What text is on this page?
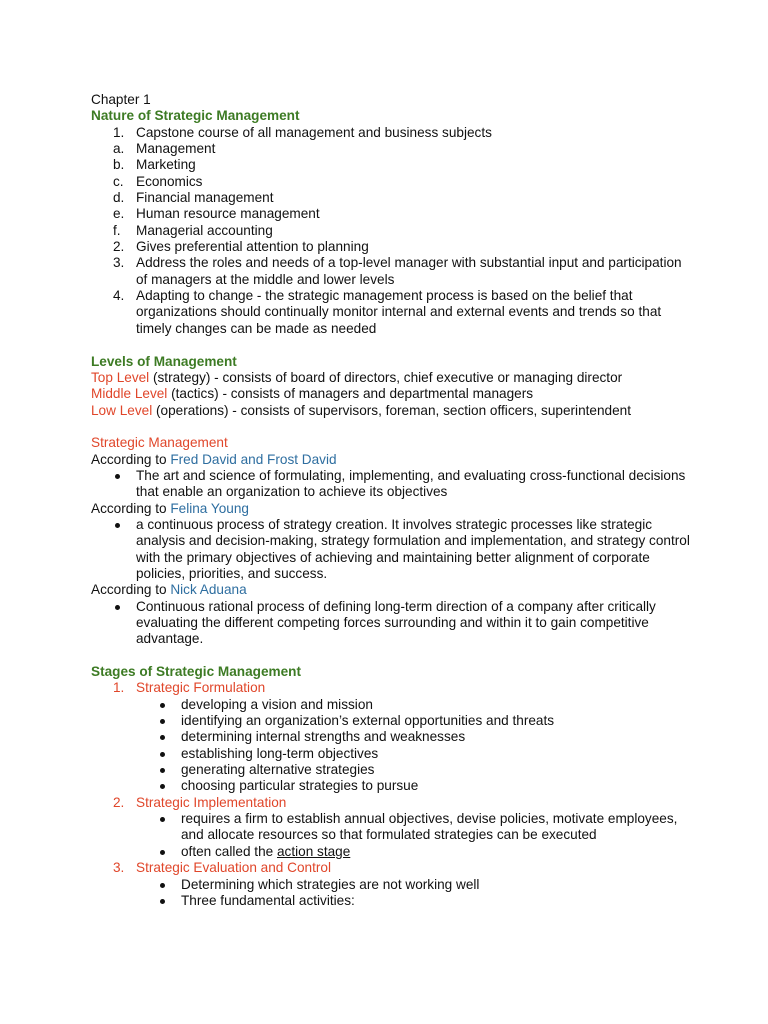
Chapter 1
Nature of Strategic Management
1. Capstone course of all management and business subjects
a. Management
b. Marketing
c. Economics
d. Financial management
e. Human resource management
f.	Managerial accounting
2. Gives preferential attention to planning
3. Address the roles and needs of a top-level manager with substantial input and participation of managers at the middle and lower levels
4. Adapting to change - the strategic management process is based on the belief that organizations should continually monitor internal and external events and trends so that timely changes can be made as needed
Levels of Management
Top Level (strategy) - consists of board of directors, chief executive or managing director
Middle Level (tactics) - consists of managers and departmental managers
Low Level (operations) - consists of supervisors, foreman, section officers, superintendent
Strategic Management
According to Fred David and Frost David
The art and science of formulating, implementing, and evaluating cross-functional decisions that enable an organization to achieve its objectives
According to Felina Young
a continuous process of strategy creation. It involves strategic processes like strategic analysis and decision-making, strategy formulation and implementation, and strategy control with the primary objectives of achieving and maintaining better alignment of corporate policies, priorities, and success.
According to Nick Aduana
Continuous rational process of defining long-term direction of a company after critically evaluating the different competing forces surrounding and within it to gain competitive advantage.
Stages of Strategic Management
1. Strategic Formulation
developing a vision and mission
identifying an organization’s external opportunities and threats
determining internal strengths and weaknesses
establishing long-term objectives
generating alternative strategies
choosing particular strategies to pursue
2. Strategic Implementation
requires a firm to establish annual objectives, devise policies, motivate employees, and allocate resources so that formulated strategies can be executed
often called the action stage
3. Strategic Evaluation and Control
Determining which strategies are not working well
Three fundamental activities:
